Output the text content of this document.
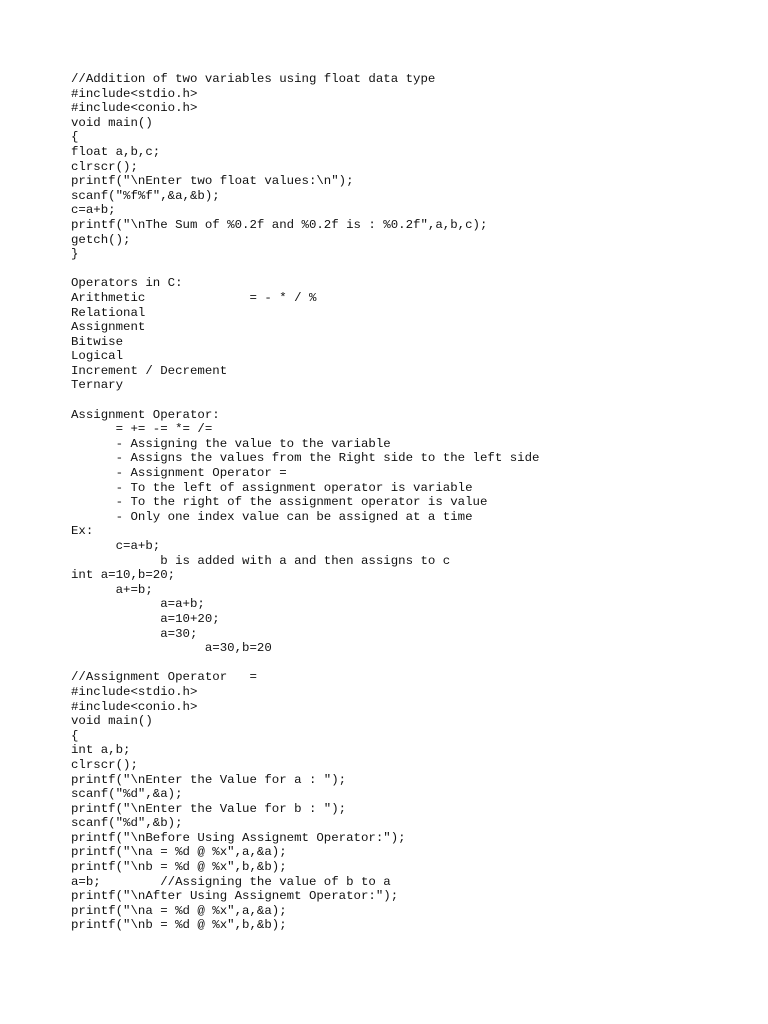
//Addition of two variables using float data type
#include<stdio.h>
#include<conio.h>
void main()
{
float a,b,c;
clrscr();
printf("\nEnter two float values:\n");
scanf("%f%f",&a,&b);
c=a+b;
printf("\nThe Sum of %0.2f and %0.2f is : %0.2f",a,b,c);
getch();
}
Operators in C:
Arithmetic              = - * / %
Relational
Assignment
Bitwise
Logical
Increment / Decrement
Ternary
Assignment Operator:
= += -= *= /=
- Assigning the value to the variable
- Assigns the values from the Right side to the left side
- Assignment Operator =
- To the left of assignment operator is variable
- To the right of the assignment operator is value
- Only one index value can be assigned at a time
Ex:
c=a+b;
b is added with a and then assigns to c
int a=10,b=20;
a+=b;
a=a+b;
a=10+20;
a=30;
a=30,b=20
//Assignment Operator   =
#include<stdio.h>
#include<conio.h>
void main()
{
int a,b;
clrscr();
printf("\nEnter the Value for a : ");
scanf("%d",&a);
printf("\nEnter the Value for b : ");
scanf("%d",&b);
printf("\nBefore Using Assignemt Operator:");
printf("\na = %d @ %x",a,&a);
printf("\nb = %d @ %x",b,&b);
a=b;        //Assigning the value of b to a
printf("\nAfter Using Assignemt Operator:");
printf("\na = %d @ %x",a,&a);
printf("\nb = %d @ %x",b,&b);
